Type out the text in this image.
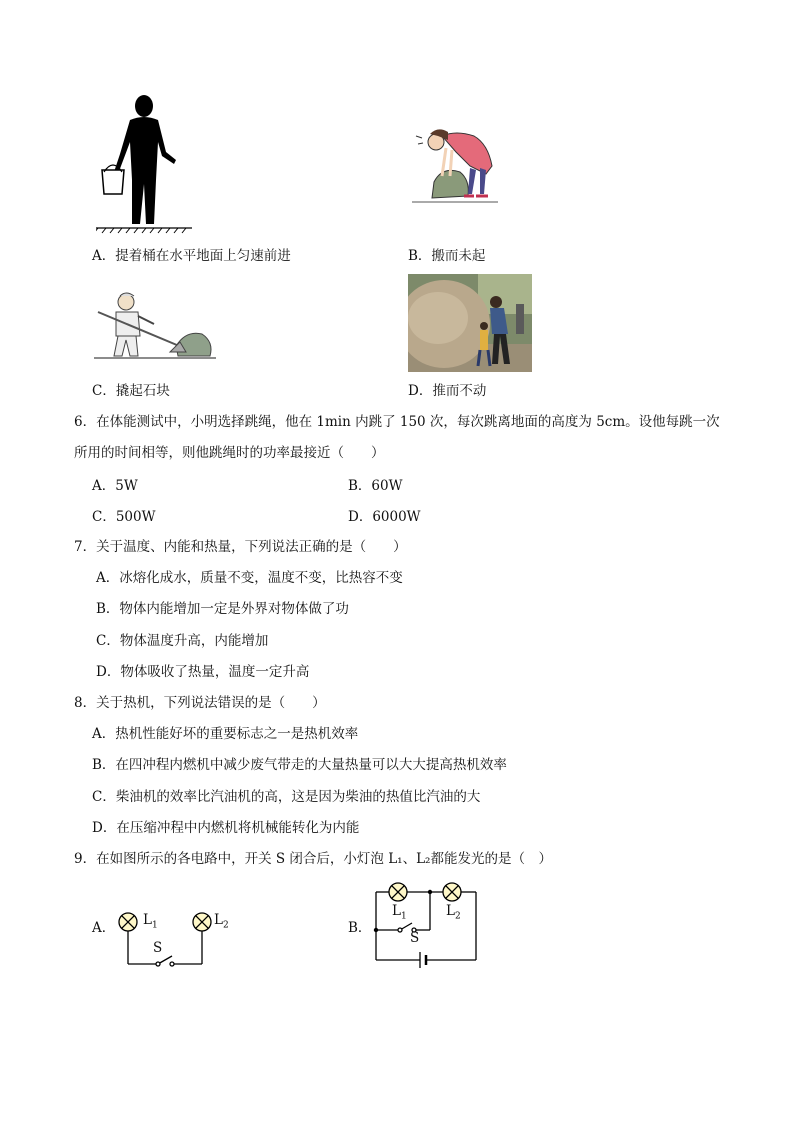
A．提着桶在水平地面上匀速前进	B．搬而未起
C．撬起石块	D．推而不动
6．在体能测试中，小明选择跳绳，他在 1min 内跳了 150 次，每次跳离地面的高度为 5cm。设他每跳一次
所用的时间相等，则他跳绳时的功率最接近（　　）
A．5W	B．60W
C．500W	D．6000W
7．关于温度、内能和热量，下列说法正确的是（　　）
A．冰熔化成水，质量不变，温度不变，比热容不变
B．物体内能增加一定是外界对物体做了功
C．物体温度升高，内能增加
D．物体吸收了热量，温度一定升高
8．关于热机，下列说法错误的是（　　）
A．热机性能好坏的重要标志之一是热机效率
B．在四冲程内燃机中减少废气带走的大量热量可以大大提高热机效率
C．柴油机的效率比汽油机的高，这是因为柴油的热值比汽油的大
D．在压缩冲程中内燃机将机械能转化为内能
9．在如图所示的各电路中，开关 S 闭合后，小灯泡 L₁、L₂都能发光的是（　）
A． $L_1$	$L_2$
S
B．
$L_1$	$L_2$
S
